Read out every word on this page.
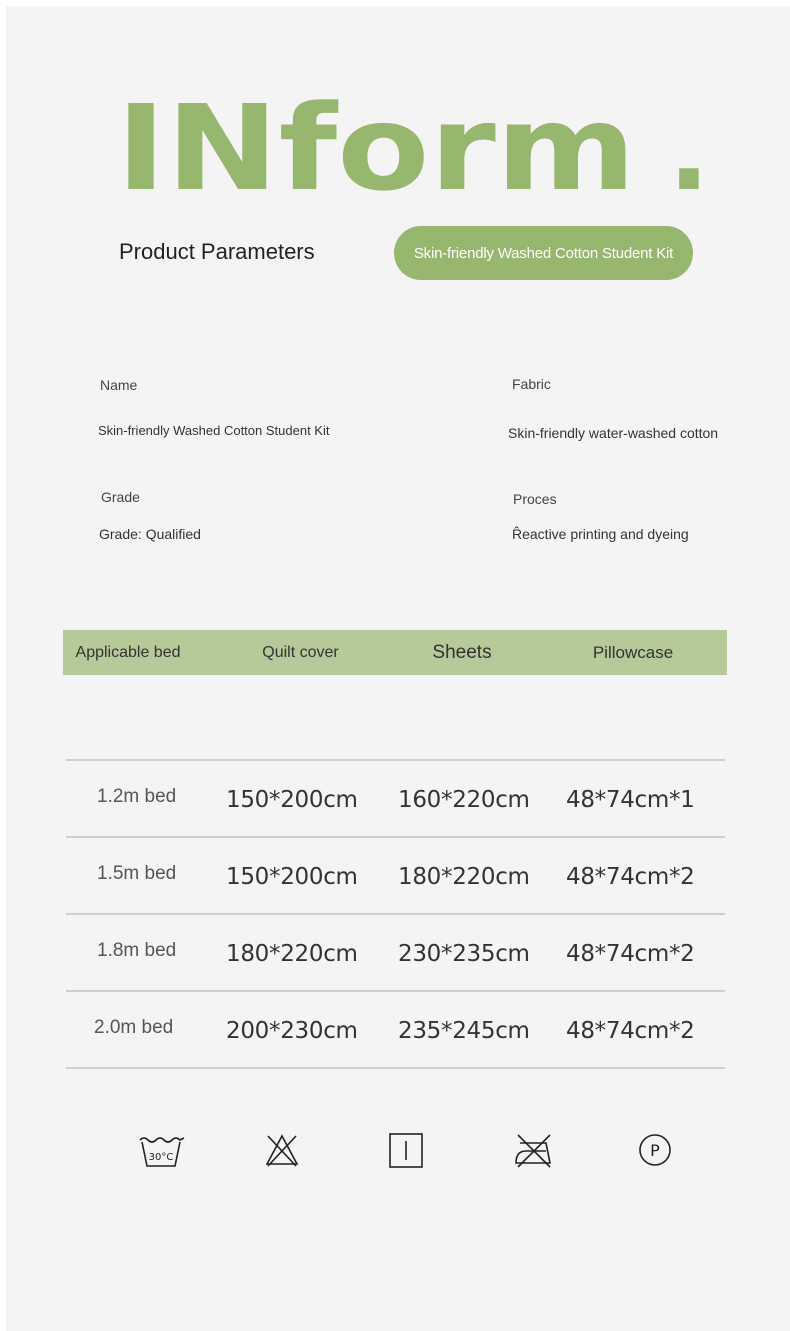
INform .
Product Parameters	Skin-friendly Washed Cotton Student Kit
Name
Skin-friendly Washed Cotton Student Kit
Fabric
Skin-friendly water-washed cotton
Grade
Grade: Qualified
Proces
R̂eactive printing and dyeing
Applicable bed	Quilt cover	Sheets	Pillowcase
1.2m bed 150*200cm 160*220cm 48*74cm*1
1.5m bed 150*200cm 180*220cm 48*74cm*2
1.8m bed 180*220cm 230*235cm 48*74cm*2
2.0m bed 200*230cm 235*245cm 48*74cm*2
30°C	P
